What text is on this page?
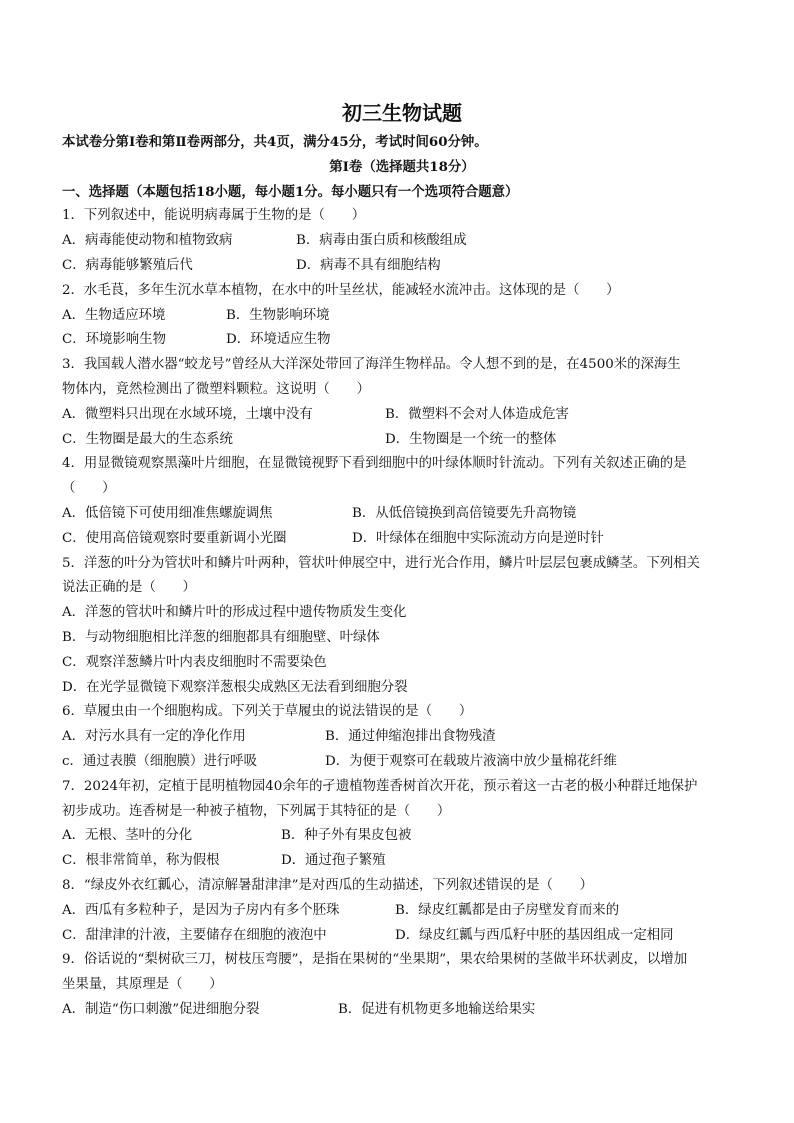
初三生物试题
本试卷分第Ⅰ卷和第Ⅱ卷两部分，共4页，满分45分，考试时间60分钟。
第Ⅰ卷（选择题共18分）
一、选择题（本题包括18小题，每小题1分。每小题只有一个选项符合题意）
1．下列叙述中，能说明病毒属于生物的是（　　）
A．病毒能使动物和植物致病	B．病毒由蛋白质和核酸组成
C．病毒能够繁殖后代	D．病毒不具有细胞结构
2．水毛茛，多年生沉水草本植物，在水中的叶呈丝状，能减轻水流冲击。这体现的是（　　）
A．生物适应环境	B．生物影响环境
C．环境影响生物	D．环境适应生物
3．我国载人潜水器“蛟龙号”曾经从大洋深处带回了海洋生物样品。令人想不到的是，在4500米的深海生
物体内，竟然检测出了微塑料颗粒。这说明（　　）
A．微塑料只出现在水域环境，土壤中没有	B．微塑料不会对人体造成危害
C．生物圈是最大的生态系统	D．生物圈是一个统一的整体
4．用显微镜观察黑藻叶片细胞，在显微镜视野下看到细胞中的叶绿体顺时针流动。下列有关叙述正确的是
（　　）
A．低倍镜下可使用细准焦螺旋调焦	B．从低倍镜换到高倍镜要先升高物镜
C．使用高倍镜观察时要重新调小光圈	D．叶绿体在细胞中实际流动方向是逆时针
5．洋葱的叶分为管状叶和鳞片叶两种，管状叶伸展空中，进行光合作用，鳞片叶层层包裹成鳞茎。下列相关
说法正确的是（　　）
A．洋葱的管状叶和鳞片叶的形成过程中遗传物质发生变化
B．与动物细胞相比洋葱的细胞都具有细胞壁、叶绿体
C．观察洋葱鳞片叶内表皮细胞时不需要染色
D．在光学显微镜下观察洋葱根尖成熟区无法看到细胞分裂
6．草履虫由一个细胞构成。下列关于草履虫的说法错误的是（　　）
A．对污水具有一定的净化作用	B．通过伸缩泡排出食物残渣
c．通过表膜（细胞膜）进行呼吸	D．为便于观察可在载玻片液滴中放少量棉花纤维
7．2024年初，定植于昆明植物园40余年的孑遗植物莲香树首次开花，预示着这一古老的极小种群迁地保护
初步成功。连香树是一种被子植物，下列属于其特征的是（　　）
A．无根、茎叶的分化	B．种子外有果皮包被
C．根非常简单，称为假根	D．通过孢子繁殖
8．“绿皮外衣红瓤心，清凉解暑甜津津”是对西瓜的生动描述，下列叙述错误的是（　　）
A．西瓜有多粒种子，是因为子房内有多个胚珠	B．绿皮红瓤都是由子房壁发育而来的
C．甜津津的汁液，主要储存在细胞的液泡中	D．绿皮红瓤与西瓜籽中胚的基因组成一定相同
9．俗话说的“梨树砍三刀，树枝压弯腰”，是指在果树的“坐果期”，果农给果树的茎做半环状剥皮，以增加
坐果量，其原理是（　　）
A．制造“伤口刺激”促进细胞分裂	B．促进有机物更多地输送给果实
